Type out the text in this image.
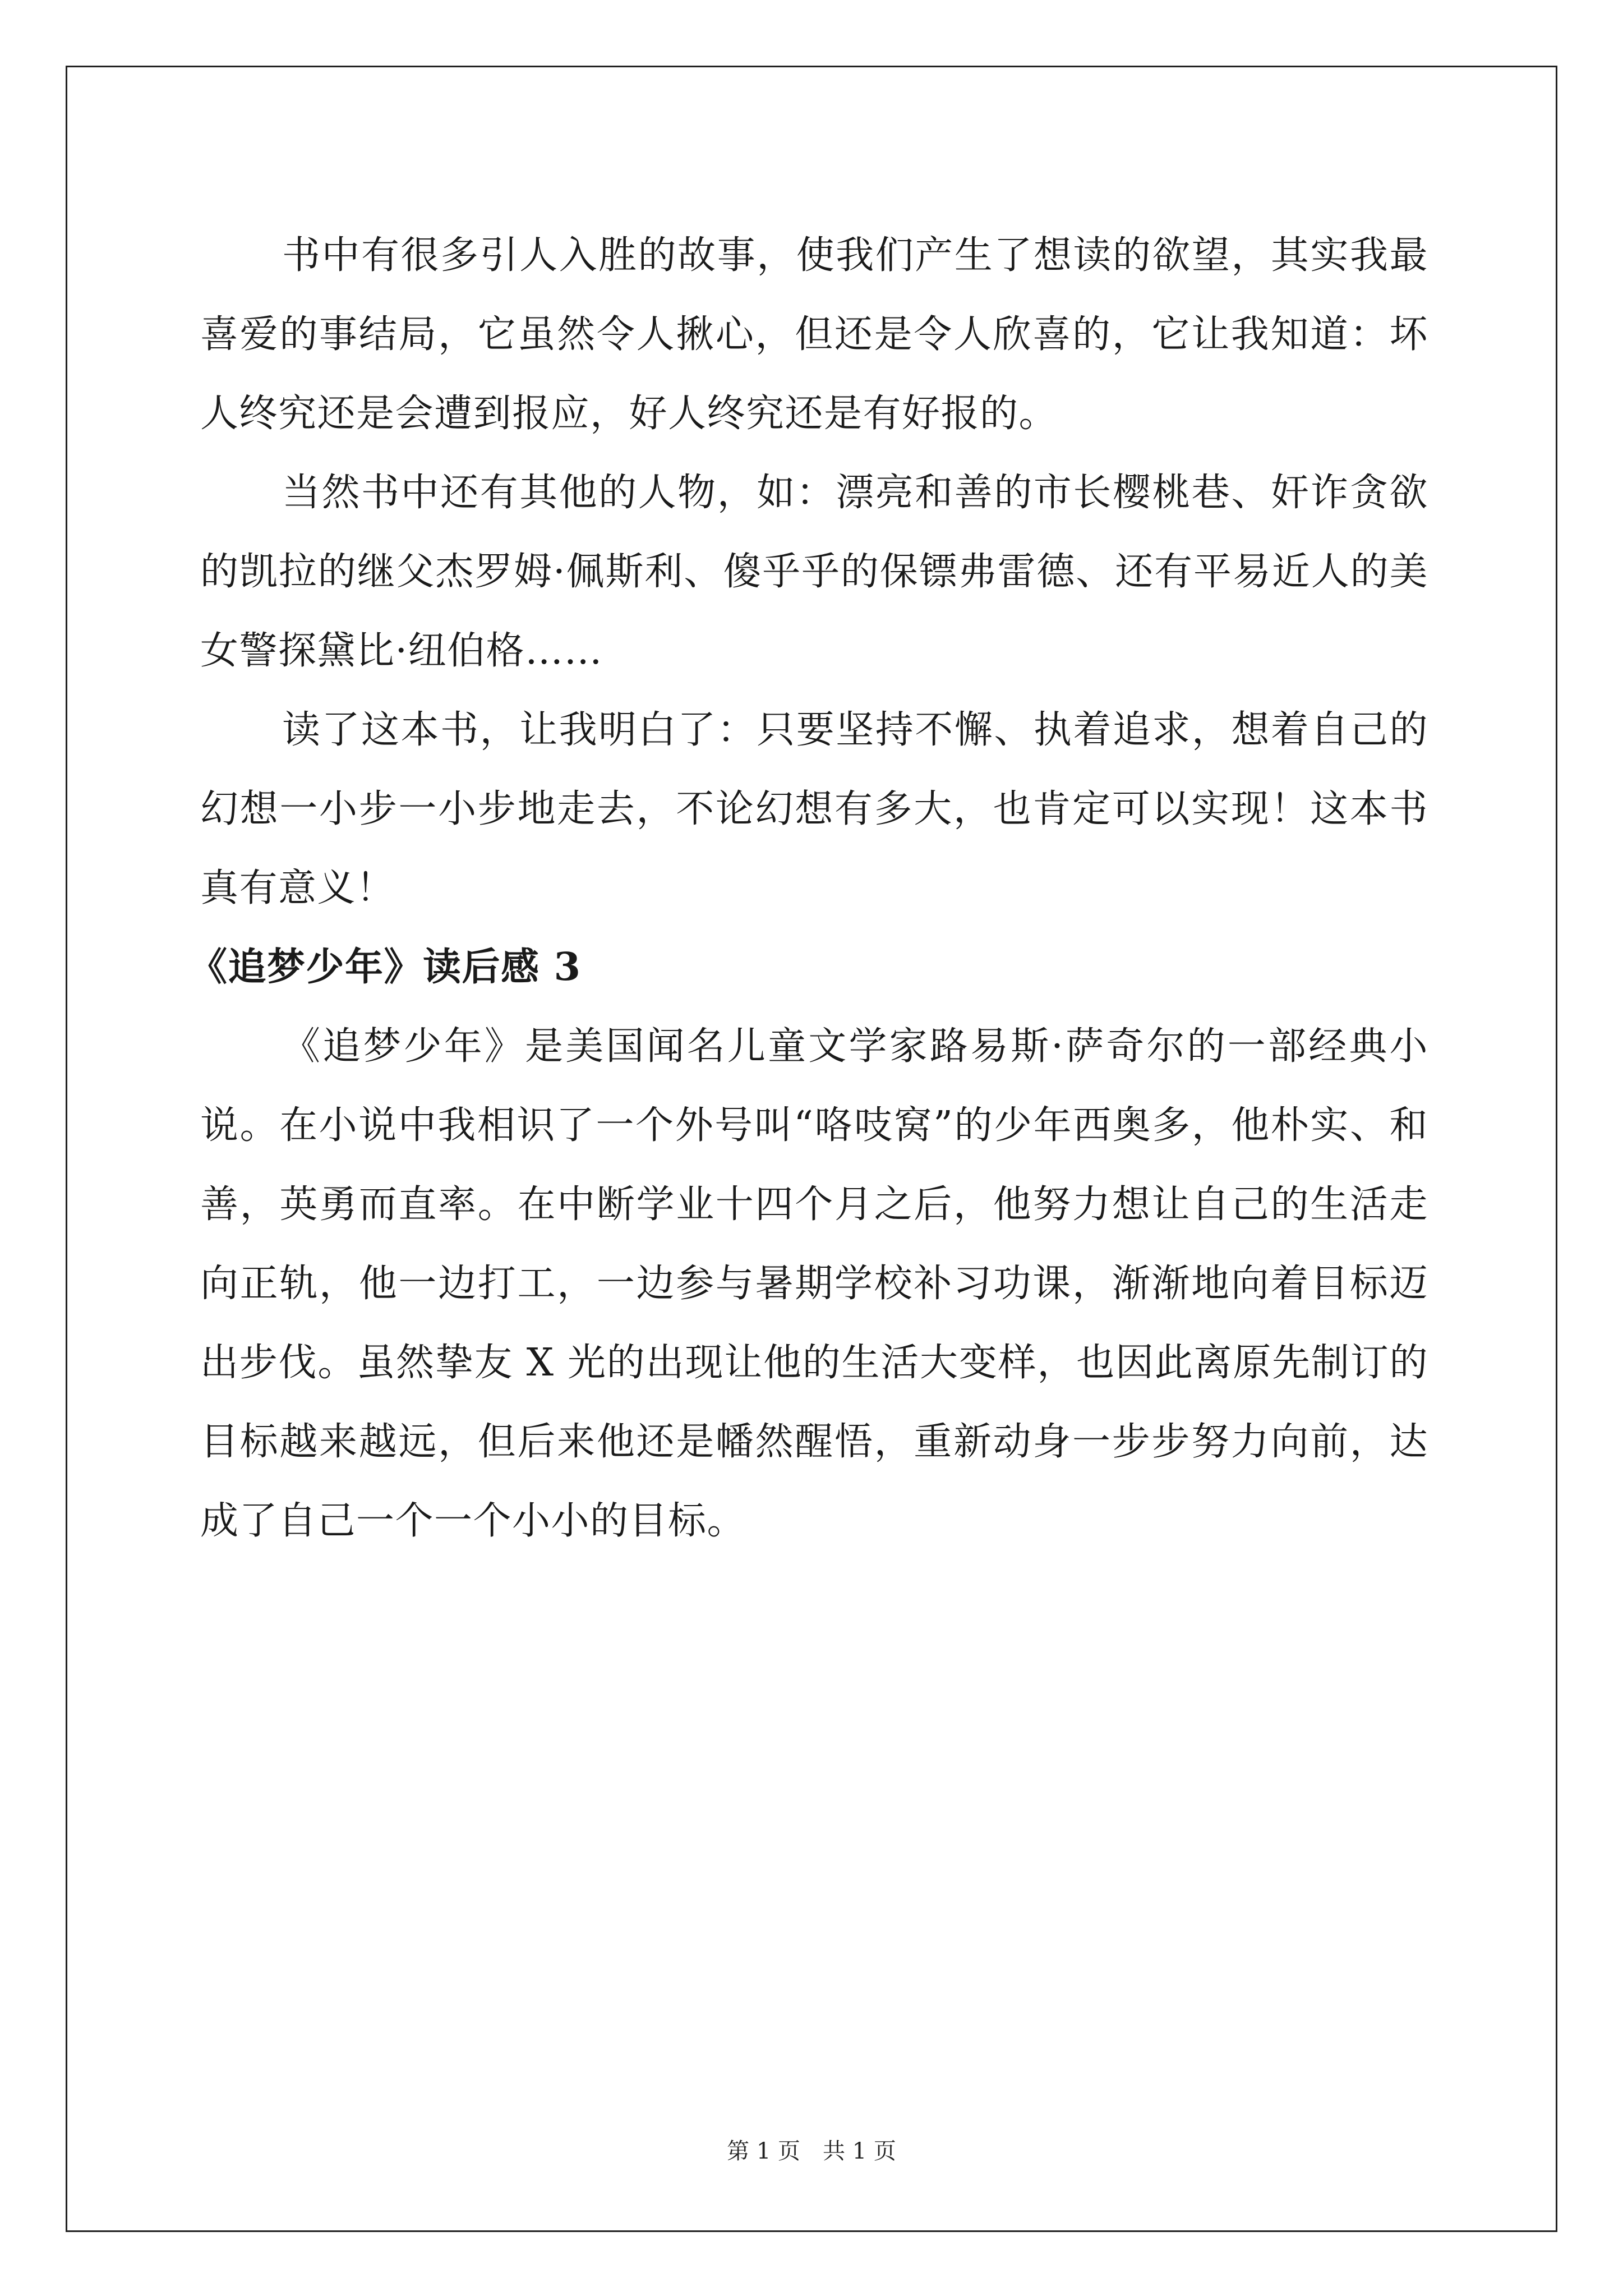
书中有很多引人入胜的故事，使我们产生了想读的欲望，其实我最喜爱的事结局，它虽然令人揪心，但还是令人欣喜的，它让我知道：坏人终究还是会遭到报应，好人终究还是有好报的。

当然书中还有其他的人物，如：漂亮和善的市长樱桃巷、奸诈贪欲的凯拉的继父杰罗姆·佩斯利、傻乎乎的保镖弗雷德、还有平易近人的美女警探黛比·纽伯格……

读了这本书，让我明白了：只要坚持不懈、执着追求，想着自己的幻想一小步一小步地走去，不论幻想有多大，也肯定可以实现！这本书真有意义！

《追梦少年》读后感 3

《追梦少年》是美国闻名儿童文学家路易斯·萨奇尔的一部经典小说。在小说中我相识了一个外号叫“咯吱窝”的少年西奥多，他朴实、和善，英勇而直率。在中断学业十四个月之后，他努力想让自己的生活走向正轨，他一边打工，一边参与暑期学校补习功课，渐渐地向着目标迈出步伐。虽然挚友 X 光的出现让他的生活大变样，也因此离原先制订的目标越来越远，但后来他还是幡然醒悟，重新动身一步步努力向前，达成了自己一个一个小小的目标。

第 1 页 共 1 页
